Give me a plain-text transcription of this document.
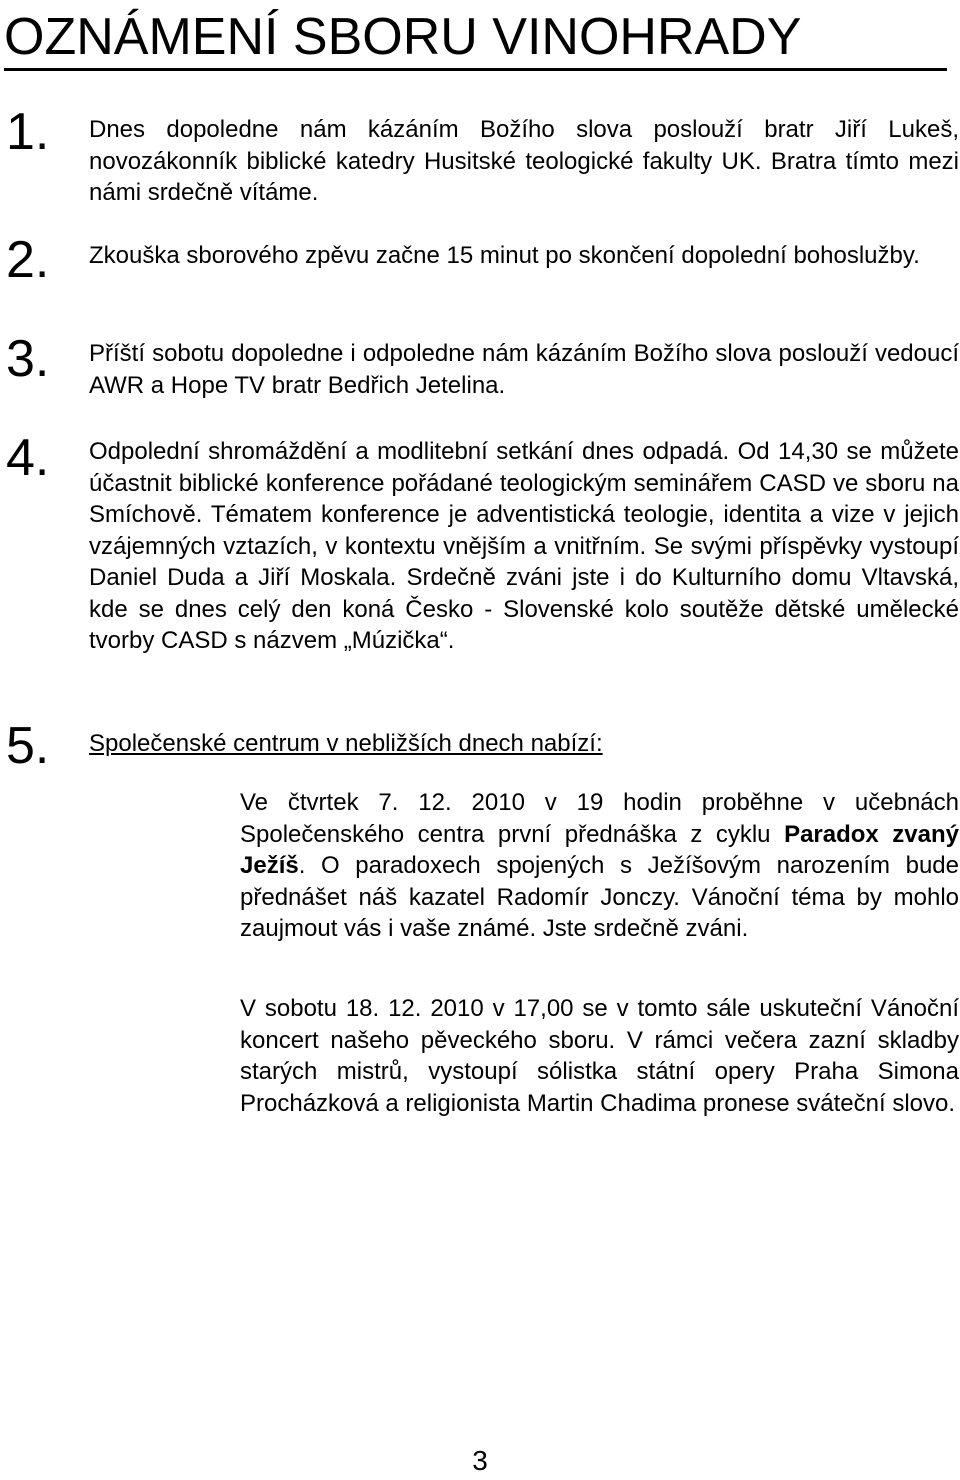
OZNÁMENÍ SBORU VINOHRADY
1. Dnes dopoledne nám kázáním Božího slova poslouží bratr Jiří Lukeš, novozákonník biblické katedry Husitské teologické fakulty UK. Bratra tímto mezi námi srdečně vítáme.

2. Zkouška sborového zpěvu začne 15 minut po skončení dopolední bohoslužby.

3. Příští sobotu dopoledne i odpoledne nám kázáním Božího slova poslouží vedoucí AWR a Hope TV bratr Bedřich Jetelina.

4. Odpolední shromáždění a modlitební setkání dnes odpadá. Od 14,30 se můžete účastnit biblické konference pořádané teologickým seminářem CASD ve sboru na Smíchově. Tématem konference je adventistická teologie, identita a vize v jejich vzájemných vztazích, v kontextu vnějším a vnitřním. Se svými příspěvky vystoupí Daniel Duda a Jiří Moskala. Srdečně zváni jste i do Kulturního domu Vltavská, kde se dnes celý den koná Česko - Slovenské kolo soutěže dětské umělecké tvorby CASD s názvem „Múzička“.

5. Společenské centrum v nebližších dnech nabízí:

Ve čtvrtek 7. 12. 2010 v 19 hodin proběhne v učebnách Společenského centra první přednáška z cyklu Paradox zvaný Ježíš. O paradoxech spojených s Ježíšovým narozením bude přednášet náš kazatel Radomír Jonczy. Vánoční téma by mohlo zaujmout vás i vaše známé. Jste srdečně zváni.

V sobotu 18. 12. 2010 v 17,00 se v tomto sále uskuteční Vánoční koncert našeho pěveckého sboru. V rámci večera zazní skladby starých mistrů, vystoupí sólistka státní opery Praha Simona Procházková a religionista Martin Chadima pronese sváteční slovo.

3
